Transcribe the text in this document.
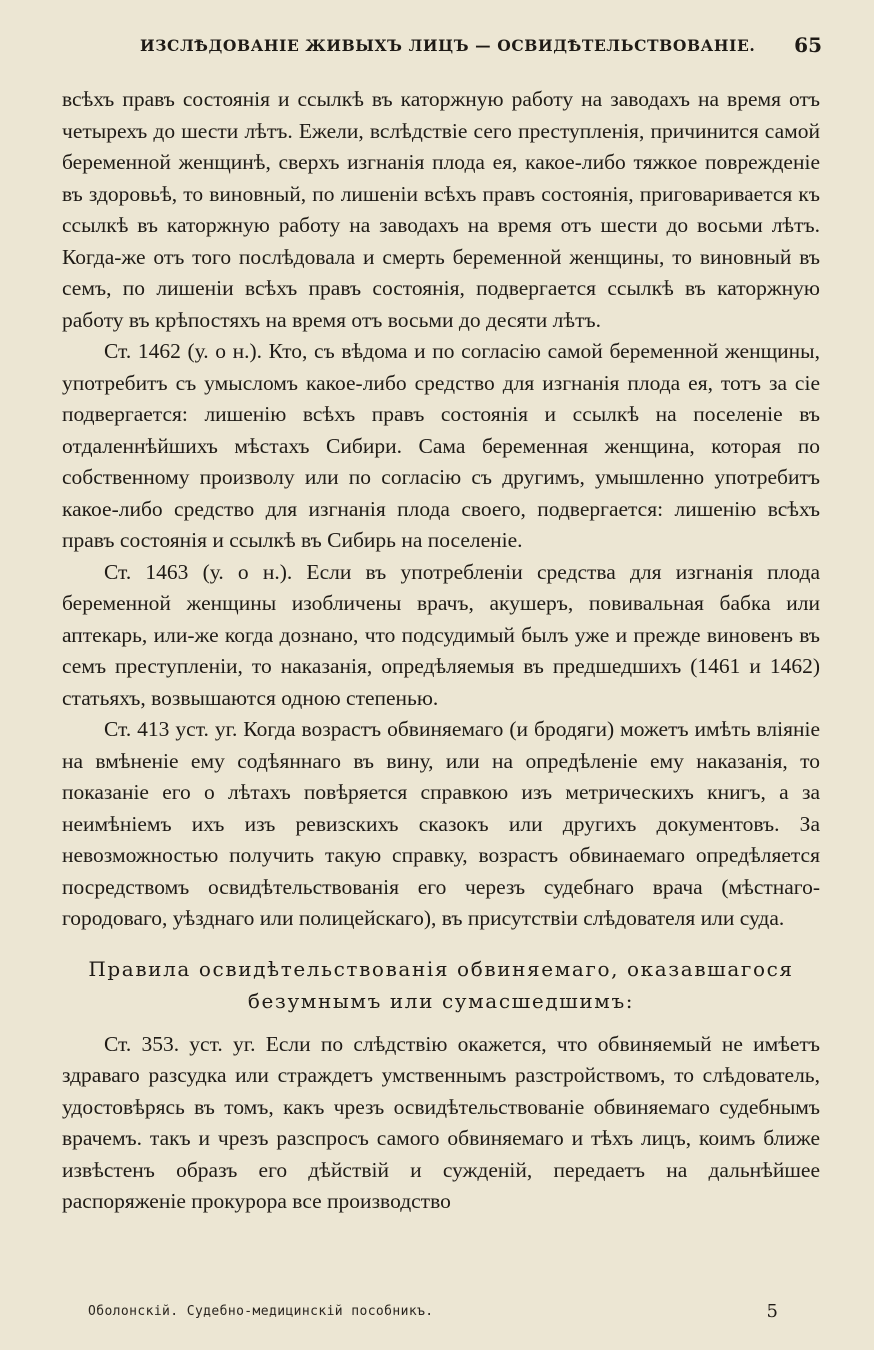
ИЗСЛѢДОВАНІЕ ЖИВЫХЪ ЛИЦЪ — ОСВИДѢТЕЛЬСТВОВАНІЕ. 65

всѣхъ правъ состоянія и ссылкѣ въ каторжную работу на заводахъ на время отъ четырехъ до шести лѣтъ. Ежели, вслѣдствіе сего преступленія, причинится самой беременной женщинѣ, сверхъ изгнанія плода ея, какое-либо тяжкое поврежденіе въ здоровьѣ, то виновный, по лишеніи всѣхъ правъ состоянія, приговаривается къ ссылкѣ въ каторжную работу на заводахъ на время отъ шести до восьми лѣтъ. Когда-же отъ того послѣдовала и смерть беременной женщины, то виновный въ семъ, по лишеніи всѣхъ правъ состоянія, подвергается ссылкѣ въ каторжную работу въ крѣпостяхъ на время отъ восьми до десяти лѣтъ.

Ст. 1462 (у. о н.). Кто, съ вѣдома и по согласію самой беременной женщины, употребитъ съ умысломъ какое-либо средство для изгнанія плода ея, тотъ за сіе подвергается: лишенію всѣхъ правъ состоянія и ссылкѣ на поселеніе въ отдаленнѣйшихъ мѣстахъ Сибири. Сама беременная женщина, которая по собственному произволу или по согласію съ другимъ, умышленно употребитъ какое-либо средство для изгнанія плода своего, подвергается: лишенію всѣхъ правъ состоянія и ссылкѣ въ Сибирь на поселеніе.

Ст. 1463 (у. о н.). Если въ употребленіи средства для изгнанія плода беременной женщины изобличены врачъ, акушеръ, повивальная бабка или аптекарь, или-же когда дознано, что подсудимый былъ уже и прежде виновенъ въ семъ преступленіи, то наказанія, опредѣляемыя въ предшедшихъ (1461 и 1462) статьяхъ, возвышаются одною степенью.

Ст. 413 уст. уг. Когда возрастъ обвиняемаго (и бродяги) можетъ имѣть вліяніе на вмѣненіе ему содѣяннаго въ вину, или на опредѣленіе ему наказанія, то показаніе его о лѣтахъ повѣряется справкою изъ метрическихъ книгъ, а за неимѣніемъ ихъ изъ ревизскихъ сказокъ или другихъ документовъ. За невозможностью получить такую справку, возрастъ обвинаемаго опредѣляется посредствомъ освидѣтельствованія его черезъ судебнаго врача (мѣстнаго-городоваго, уѣзднаго или полицейскаго), въ присутствіи слѣдователя или суда.

Правила освидѣтельствованія обвиняемаго, оказавшагося безумнымъ или сумасшедшимъ:

Ст. 353. уст. уг. Если по слѣдствію окажется, что обвиняемый не имѣетъ здраваго разсудка или страждетъ умственнымъ разстройствомъ, то слѣдователь, удостовѣрясь въ томъ, какъ чрезъ освидѣтельствованіе обвиняемаго судебнымъ врачемъ. такъ и чрезъ разспросъ самого обвиняемаго и тѣхъ лицъ, коимъ ближе извѣстенъ образъ его дѣйствій и сужденій, передаетъ на дальнѣйшее распоряженіе прокурора все производство

Оболонскій. Судебно-медицинскій пособникъ.	5
